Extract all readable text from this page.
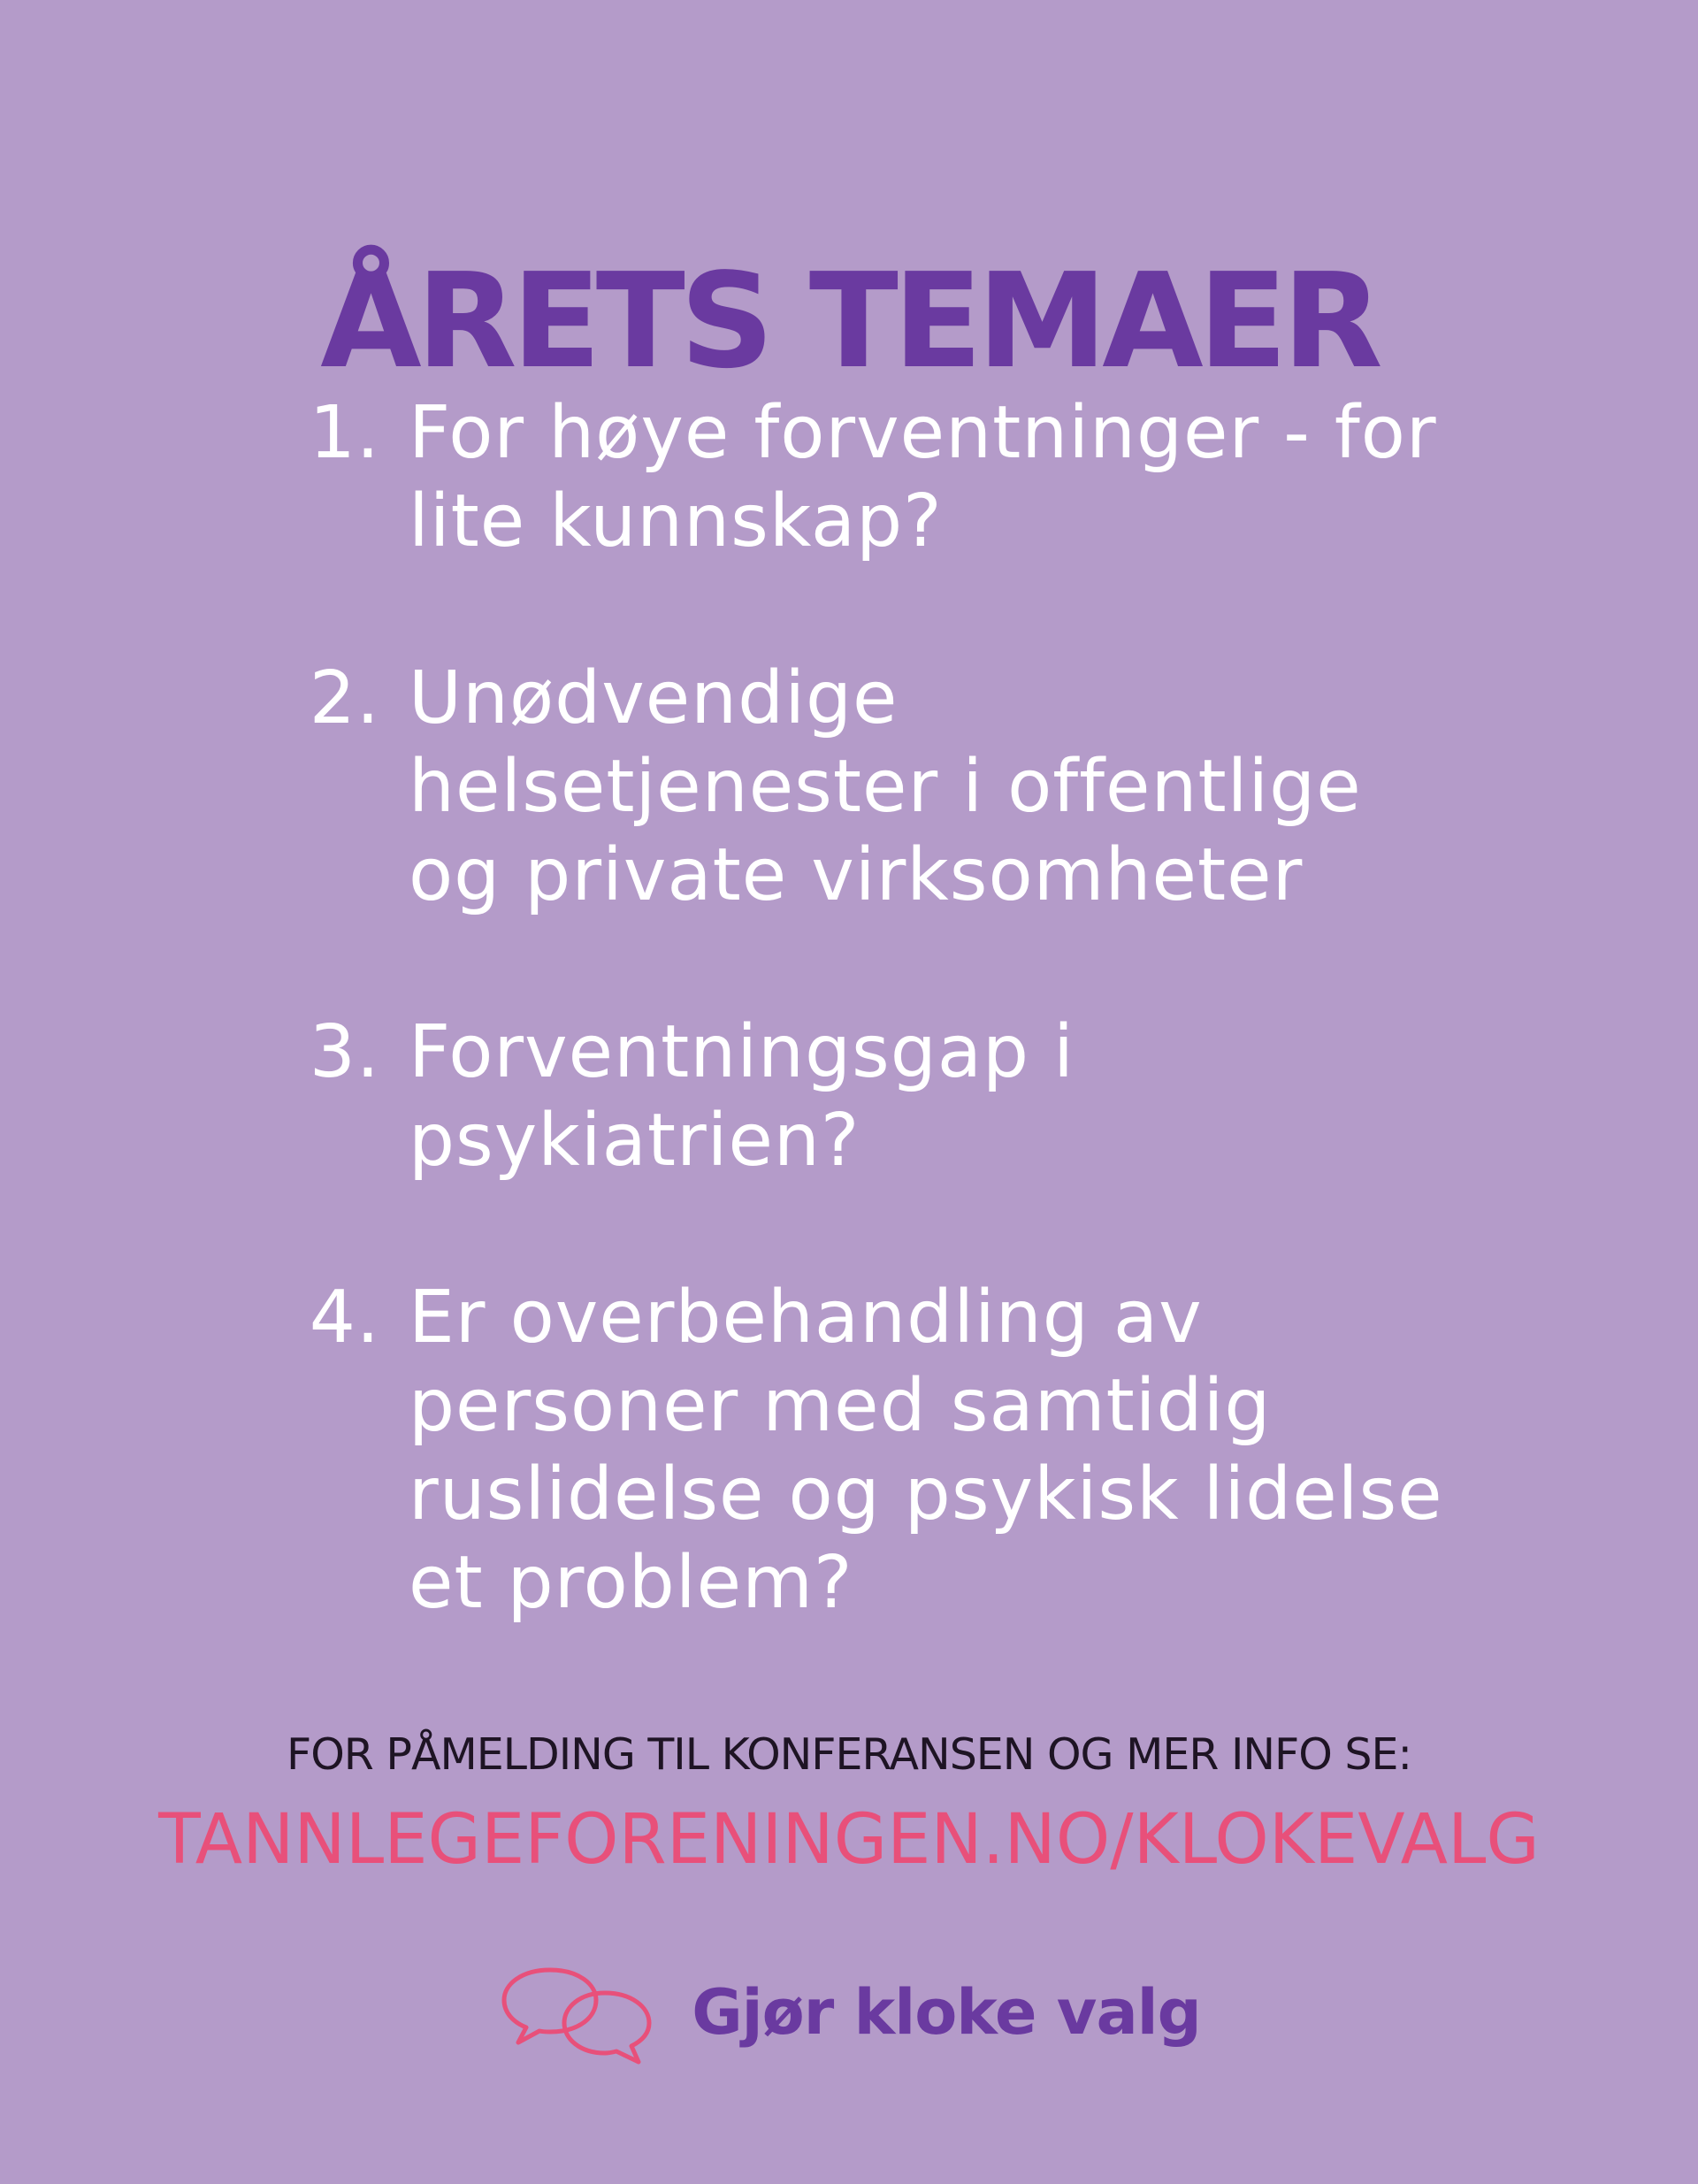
ÅRETS TEMAER
1. For høye forventninger - for lite kunnskap?
2. Unødvendige helsetjenester i offentlige og private virksomheter
3. Forventningsgap i psykiatrien?
4. Er overbehandling av personer med samtidig ruslidelse og psykisk lidelse et problem?
FOR PÅMELDING TIL KONFERANSEN OG MER INFO SE:
TANNLEGEFORENINGEN.NO/KLOKEVALG
Gjør kloke valg
